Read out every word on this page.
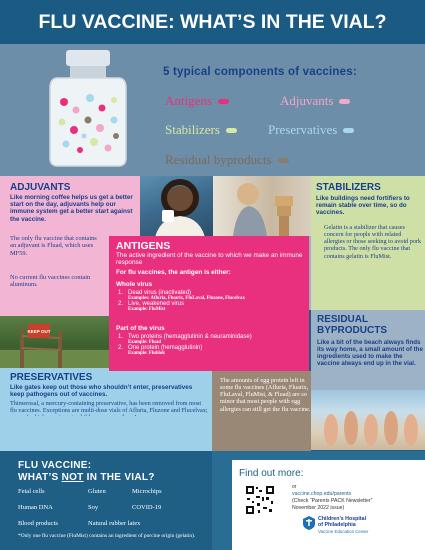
FLU VACCINE: WHAT’S IN THE VIAL?
5 typical components of vaccines:
Antigens	Adjuvants
Stabilizers	Preservatives
Residual byproducts
ADJUVANTS

Like morning coffee helps us get a better start on the day, adjuvants help our immune system get a better start against the vaccine.

The only flu vaccine that contains an adjuvant is Fluad, which uses MF59.

No current flu vaccines contain aluminum.

STABILIZERS

Like buildings need fortifiers to remain stable over time, so do vaccines.

Gelatin is a stabilizer that causes concern for people with related allergies or those seeking to avoid pork products. The only flu vaccine that contains gelatin is FluMist.

KEEP OUT
PRESERVATIVES

Like gates keep out those who shouldn’t enter, preservatives keep pathogens out of vaccines.

Thimerosal, a mercury-containing preservative, has been removed from most flu vaccines. Exceptions are multi-dose vials of Afluria, Fluzone and Flucelvax;

ANTIGENS

The active ingredient of the vaccine to which we make an immune response

For flu vaccines, the antigen is either:

Whole virus

1. Dead virus (inactivated)
Examples: Afluria, Fluarix, FluLaval, Fluzone, Flucelvax
2. Live, weakened virus
Example: FluMist

Part of the virus

1. Two proteins (hemagglutinin & neuraminidase)
Example: Fluad
2. One protein (hemagglutinin)
Example: Flublok
RESIDUAL BYPRODUCTS

Like a bit of the beach always finds its way home, a small amount of the ingredients used to make the vaccine always end up in the vial.

The amounts of egg protein left in some flu vaccines (Afluria, Fluarix, FluLaval, FluMist, & Fluad) are so minor that most people with egg allergies can still get the flu vaccine.

FLU VACCINE:
WHAT’S NOT IN THE VIAL?
Fetal cells	Gluten	Microchips
Human DNA	Soy	COVID-19
Blood products	Natural rubber latex

*Only one flu vaccine (FluMist) contains an ingredient of porcine origin (gelatin).

Find out more:
or
vaccine.chop.edu/parents
(Check “Parents PACK Newsletter”
November 2022 issue)
Children’s Hospital
of Philadelphia
Vaccine Education Center
